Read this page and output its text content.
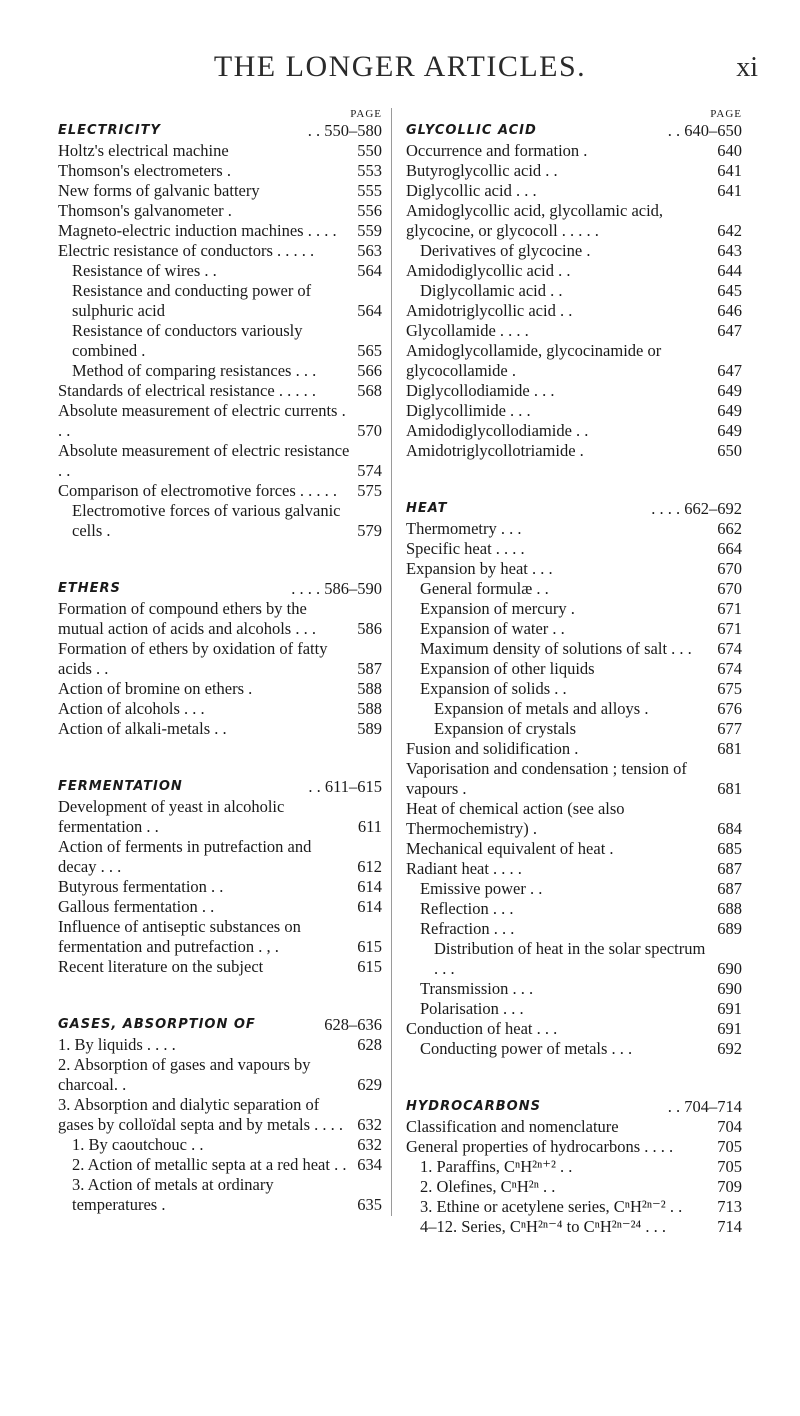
THE LONGER ARTICLES.	xi
PAGE
ELECTRICITY	. . 550–580
Holtz's electrical machine	550
Thomson's electrometers .	553
New forms of galvanic battery	555
Thomson's galvanometer .	556
Magneto-electric induction machines . . . .	559
Electric resistance of conductors . . . . .	563
Resistance of wires . .	564
Resistance and conducting power of sulphuric acid	564
Resistance of conductors variously combined .	565
Method of comparing resistances . . .	566
Standards of electrical resistance . . . . .	568
Absolute measurement of electric currents . . .	570
Absolute measurement of electric resistance . .	574
Comparison of electromotive forces . . . . .	575
Electromotive forces of various galvanic cells .	579
ETHERS	. . . . 586–590
Formation of compound ethers by the mutual action of acids and alcohols . . .	586
Formation of ethers by oxidation of fatty acids . .	587
Action of bromine on ethers .	588
Action of alcohols . . .	588
Action of alkali-metals . .	589
FERMENTATION	. . 611–615
Development of yeast in alcoholic fermentation . .	611
Action of ferments in putrefaction and decay . . .	612
Butyrous fermentation . .	614
Gallous fermentation . .	614
Influence of antiseptic substances on fermentation and putrefaction . , .	615
Recent literature on the subject	615
GASES, ABSORPTION OF	628–636
1. By liquids . . . .	628
2. Absorption of gases and vapours by charcoal. .	629
3. Absorption and dialytic separation of gases by colloïdal septa and by metals . . . . 632
1. By caoutchouc . .	632
2. Action of metallic septa at a red heat . . 634
3. Action of metals at ordinary temperatures .	635
PAGE
GLYCOLLIC ACID	. . 640–650
Occurrence and formation .	640
Butyroglycollic acid . .	641
Diglycollic acid . . .	641
Amidoglycollic acid, glycollamic acid, glycocine, or glycocoll . . . . .	642
Derivatives of glycocine .	643
Amidodiglycollic acid . .	644
Diglycollamic acid . .	645
Amidotriglycollic acid . .	646
Glycollamide . . . .	647
Amidoglycollamide, glycocinamide or glycocollamide .	647
Diglycollodiamide . . .	649
Diglycollimide . . .	649
Amidodiglycollodiamide . .	649
Amidotriglycollotriamide .	650
HEAT	. . . . 662–692
Thermometry . . .	662
Specific heat . . . .	664
Expansion by heat . . .	670
General formulæ . .	670
Expansion of mercury .	671
Expansion of water . .	671
Maximum density of solutions of salt . . .	674
Expansion of other liquids	674
Expansion of solids . .	675
Expansion of metals and alloys .	676
Expansion of crystals	677
Fusion and solidification .	681
Vaporisation and condensation ; tension of vapours .	681
Heat of chemical action (see also Thermochemistry) .	684
Mechanical equivalent of heat .	685
Radiant heat . . . .	687
Emissive power . .	687
Reflection . . .	688
Refraction . . .	689
Distribution of heat in the solar spectrum . . .	690
Transmission . . .	690
Polarisation . . .	691
Conduction of heat . . .	691
Conducting power of metals . . .	692
HYDROCARBONS	. . 704–714
Classification and nomenclature	704
General properties of hydrocarbons . . . .	705
1. Paraffins, CⁿH²ⁿ⁺² . .	705
2. Olefines, CⁿH²ⁿ . .	709
3. Ethine or acetylene series, CⁿH²ⁿ⁻² . .	713
4–12. Series, CⁿH²ⁿ⁻⁴ to CⁿH²ⁿ⁻²⁴ . . .	714
